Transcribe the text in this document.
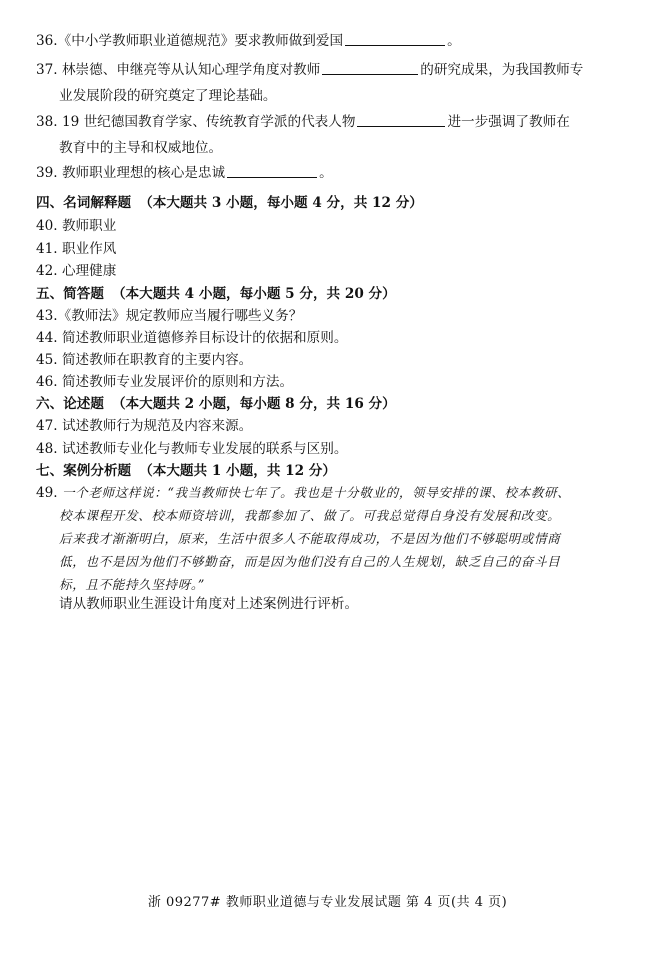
36.《中小学教师职业道德规范》要求教师做到爱国	。
37. 林崇德、申继亮等从认知心理学角度对教师	的研究成果，为我国教师专
业发展阶段的研究奠定了理论基础。
38. 19 世纪德国教育学家、传统教育学派的代表人物	进一步强调了教师在
教育中的主导和权威地位。
39. 教师职业理想的核心是忠诚	。
四、名词解释题 （本大题共 3 小题，每小题 4 分，共 12 分）
40. 教师职业
41. 职业作风
42. 心理健康
五、简答题 （本大题共 4 小题，每小题 5 分，共 20 分）
43.《教师法》规定教师应当履行哪些义务？
44. 简述教师职业道德修养目标设计的依据和原则。
45. 简述教师在职教育的主要内容。
46. 简述教师专业发展评价的原则和方法。
六、论述题 （本大题共 2 小题，每小题 8 分，共 16 分）
47. 试述教师行为规范及内容来源。
48. 试述教师专业化与教师专业发展的联系与区别。
七、案例分析题 （本大题共 1 小题，共 12 分）
49. 一个老师这样说：“我当教师快七年了。我也是十分敬业的，领导安排的课、校本教研、
校本课程开发、校本师资培训，我都参加了、做了。可我总觉得自身没有发展和改变。
后来我才渐渐明白，原来，生活中很多人不能取得成功，不是因为他们不够聪明或情商
低，也不是因为他们不够勤奋，而是因为他们没有自己的人生规划，缺乏自己的奋斗目
标，且不能持久坚持呀。”
请从教师职业生涯设计角度对上述案例进行评析。
浙 09277# 教师职业道德与专业发展试题 第 4 页(共 4 页)
